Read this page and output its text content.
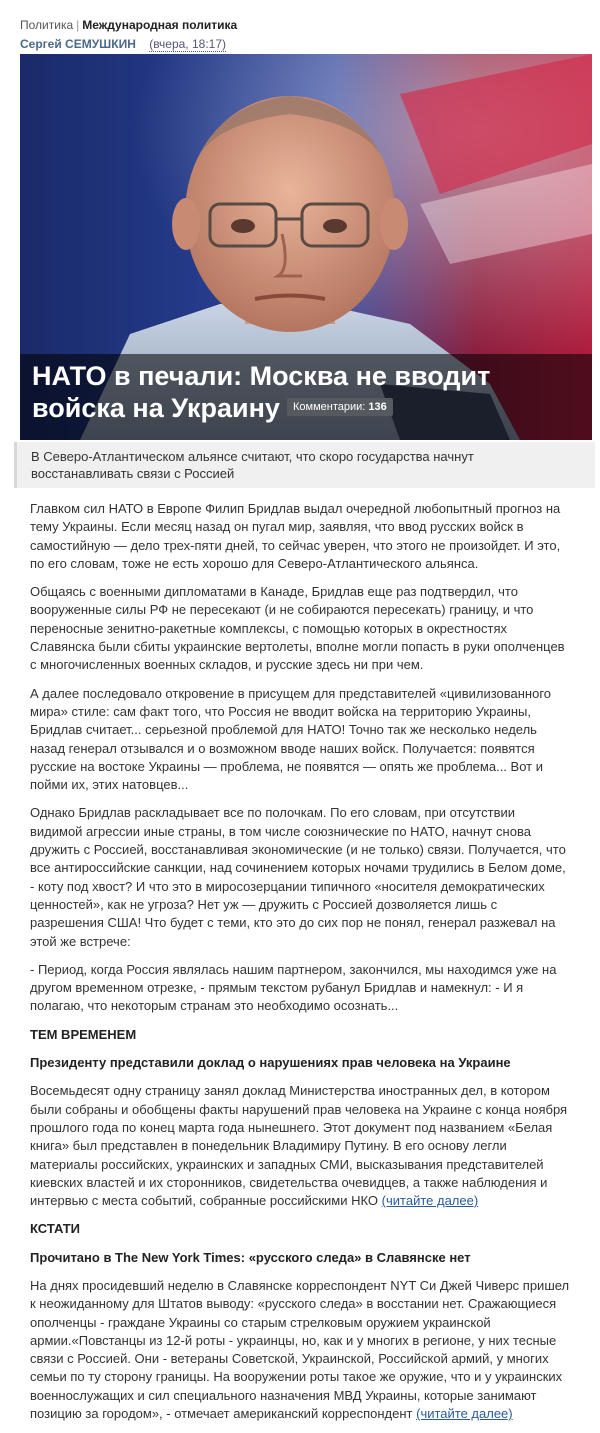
Политика | Международная политика
Сергей СЕМУШКИН (вчера, 18:17)
НАТО в печали: Москва не вводит войска на Украину	Комментарии: 136
В Северо-Атлантическом альянсе считают, что скоро государства начнут восстанавливать связи с Россией

Главком сил НАТО в Европе Филип Бридлав выдал очередной любопытный прогноз на тему Украины. Если месяц назад он пугал мир, заявляя, что ввод русских войск в самостийную — дело трех-пяти дней, то сейчас уверен, что этого не произойдет. И это, по его словам, тоже не есть хорошо для Северо-Атлантического альянса.

Общаясь с военными дипломатами в Канаде, Бридлав еще раз подтвердил, что вооруженные силы РФ не пересекают (и не собираются пересекать) границу, и что переносные зенитно-ракетные комплексы, с помощью которых в окрестностях Славянска были сбиты украинские вертолеты, вполне могли попасть в руки ополченцев с многочисленных военных складов, и русские здесь ни при чем.

А далее последовало откровение в присущем для представителей «цивилизованного мира» стиле: сам факт того, что Россия не вводит войска на территорию Украины, Бридлав считает... серьезной проблемой для НАТО! Точно так же несколько недель назад генерал отзывался и о возможном вводе наших войск. Получается: появятся русские на востоке Украины — проблема, не появятся — опять же проблема... Вот и пойми их, этих натовцев...

Однако Бридлав раскладывает все по полочкам. По его словам, при отсутствии видимой агрессии иные страны, в том числе союзнические по НАТО, начнут снова дружить с Россией, восстанавливая экономические (и не только) связи. Получается, что все антироссийские санкции, над сочинением которых ночами трудились в Белом доме, - коту под хвост? И что это в миросозерцании типичного «носителя демократических ценностей», как не угроза? Нет уж — дружить с Россией дозволяется лишь с разрешения США! Что будет с теми, кто это до сих пор не понял, генерал разжевал на этой же встрече:

- Период, когда Россия являлась нашим партнером, закончился, мы находимся уже на другом временном отрезке, - прямым текстом рубанул Бридлав и намекнул: - И я полагаю, что некоторым странам это необходимо осознать...

ТЕМ ВРЕМЕНЕМ
Президенту представили доклад о нарушениях прав человека на Украине

Восемьдесят одну страницу занял доклад Министерства иностранных дел, в котором были собраны и обобщены факты нарушений прав человека на Украине с конца ноября прошлого года по конец марта года нынешнего. Этот документ под названием «Белая книга» был представлен в понедельник Владимиру Путину. В его основу легли материалы российских, украинских и западных СМИ, высказывания представителей киевских властей и их сторонников, свидетельства очевидцев, а также наблюдения и интервью с места событий, собранные российскими НКО (читайте далее)

КСТАТИ
Прочитано в The New York Times: «русского следа» в Славянске нет

На днях просидевший неделю в Славянске корреспондент NYT Си Джей Чиверс пришел к неожиданному для Штатов выводу: «русского следа» в восстании нет. Сражающиеся ополченцы - граждане Украины со старым стрелковым оружием украинской армии.«Повстанцы из 12-й роты - украинцы, но, как и у многих в регионе, у них тесные связи с Россией. Они - ветераны Советской, Украинской, Российской армий, у многих семьи по ту сторону границы. На вооружении роты такое же оружие, что и у украинских военнослужащих и сил специального назначения МВД Украины, которые занимают позицию за городом», - отмечает американский корреспондент (читайте далее)
